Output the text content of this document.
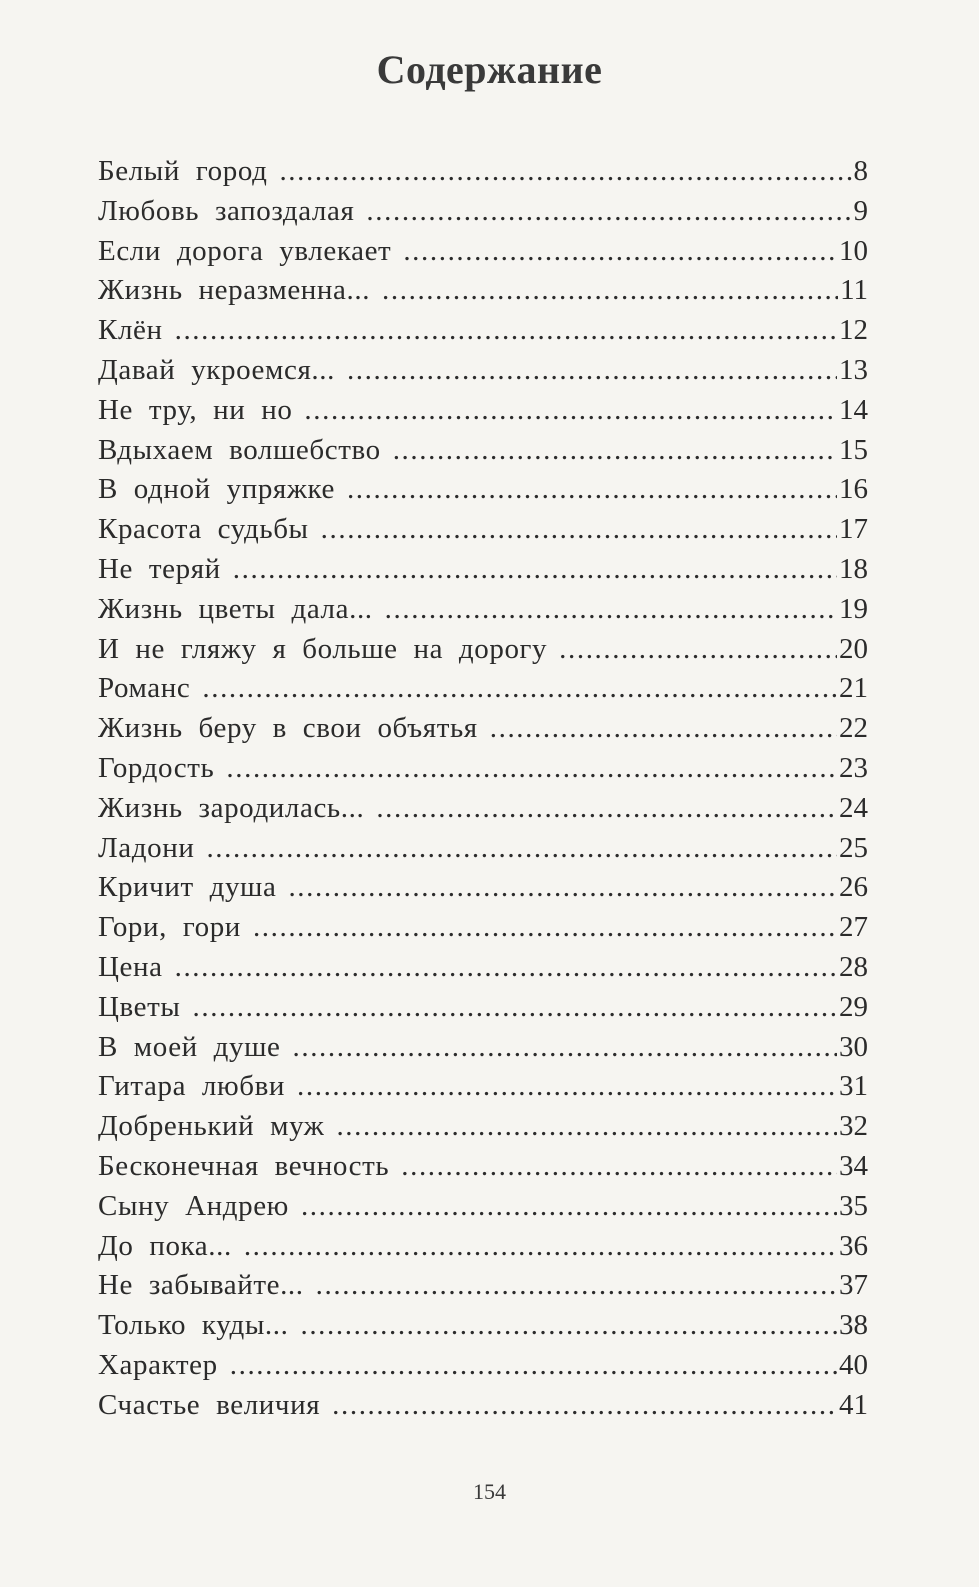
Содержание
Белый город .....	8
Любовь запоздалая .....	9
Если дорога увлекает .....	10
Жизнь неразменна... .....	11
Клён .....	12
Давай укроемся... .....	13
Не тру, ни но .....	14
Вдыхаем волшебство .....	15
В одной упряжке .....	16
Красота судьбы .....	17
Не теряй .....	18
Жизнь цветы дала... .....	19
И не гляжу я больше на дорогу .....	20
Романс .....	21
Жизнь беру в свои объятья .....	22
Гордость .....	23
Жизнь зародилась... .....	24
Ладони .....	25
Кричит душа .....	26
Гори, гори .....	27
Цена .....	28
Цветы .....	29
В моей душе .....	30
Гитара любви .....	31
Добренький муж .....	32
Бесконечная вечность .....	34
Сыну Андрею .....	35
До пока... .....	36
Не забывайте... .....	37
Только куды... .....	38
Характер .....	40
Счастье величия .....	41
154
